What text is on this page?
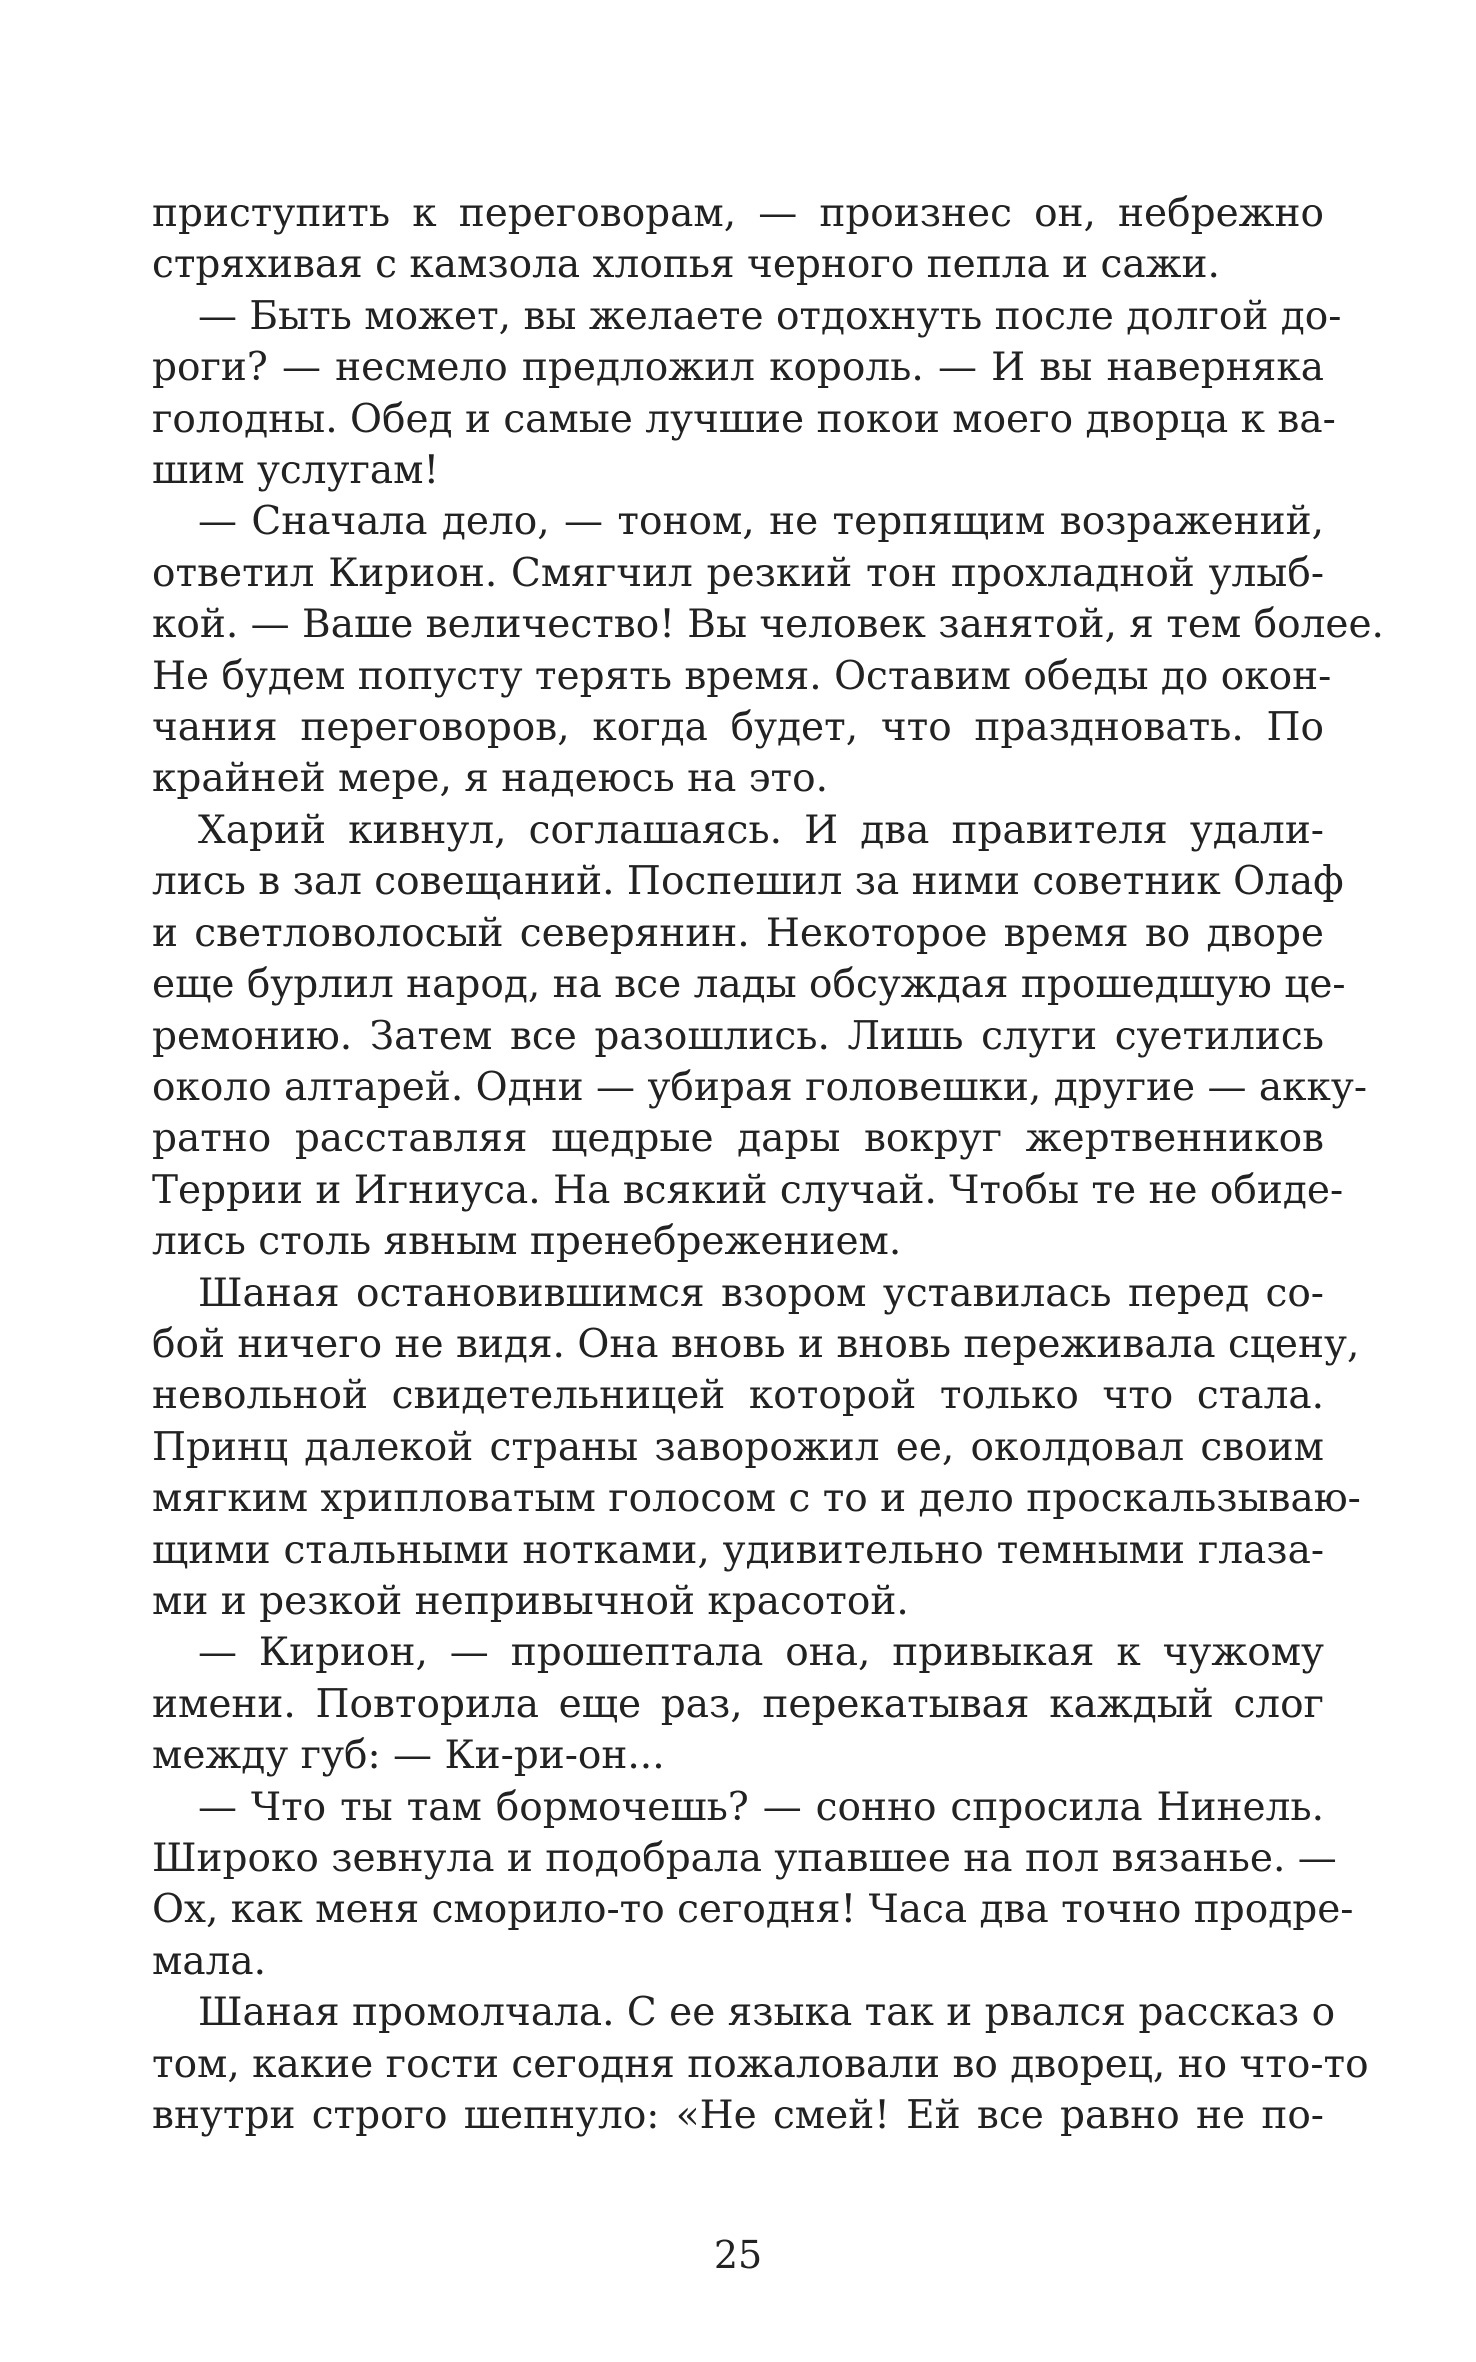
приступить к переговорам, — произнес он, небрежно
стряхивая с камзола хлопья черного пепла и сажи.
— Быть может, вы желаете отдохнуть после долгой до-
роги? — несмело предложил король. — И вы наверняка
голодны. Обед и самые лучшие покои моего дворца к ва-
шим услугам!
— Сначала дело, — тоном, не терпящим возражений,
ответил Кирион. Смягчил резкий тон прохладной улыб-
кой. — Ваше величество! Вы человек занятой, я тем более.
Не будем попусту терять время. Оставим обеды до окон-
чания переговоров, когда будет, что праздновать. По
крайней мере, я надеюсь на это.
Харий кивнул, соглашаясь. И два правителя удали-
лись в зал совещаний. Поспешил за ними советник Олаф
и светловолосый северянин. Некоторое время во дворе
еще бурлил народ, на все лады обсуждая прошедшую це-
ремонию. Затем все разошлись. Лишь слуги суетились
около алтарей. Одни — убирая головешки, другие — акку-
ратно расставляя щедрые дары вокруг жертвенников
Террии и Игниуса. На всякий случай. Чтобы те не обиде-
лись столь явным пренебрежением.
Шаная остановившимся взором уставилась перед со-
бой ничего не видя. Она вновь и вновь переживала сцену,
невольной свидетельницей которой только что стала.
Принц далекой страны заворожил ее, околдовал своим
мягким хрипловатым голосом с то и дело проскальзываю-
щими стальными нотками, удивительно темными глаза-
ми и резкой непривычной красотой.
— Кирион, — прошептала она, привыкая к чужому
имени. Повторила еще раз, перекатывая каждый слог
между губ: — Ки-ри-он...
— Что ты там бормочешь? — сонно спросила Нинель.
Широко зевнула и подобрала упавшее на пол вязанье. —
Ох, как меня сморило-то сегодня! Часа два точно продре-
мала.
Шаная промолчала. С ее языка так и рвался рассказ о
том, какие гости сегодня пожаловали во дворец, но что-то
внутри строго шепнуло: «Не смей! Ей все равно не по-
25
